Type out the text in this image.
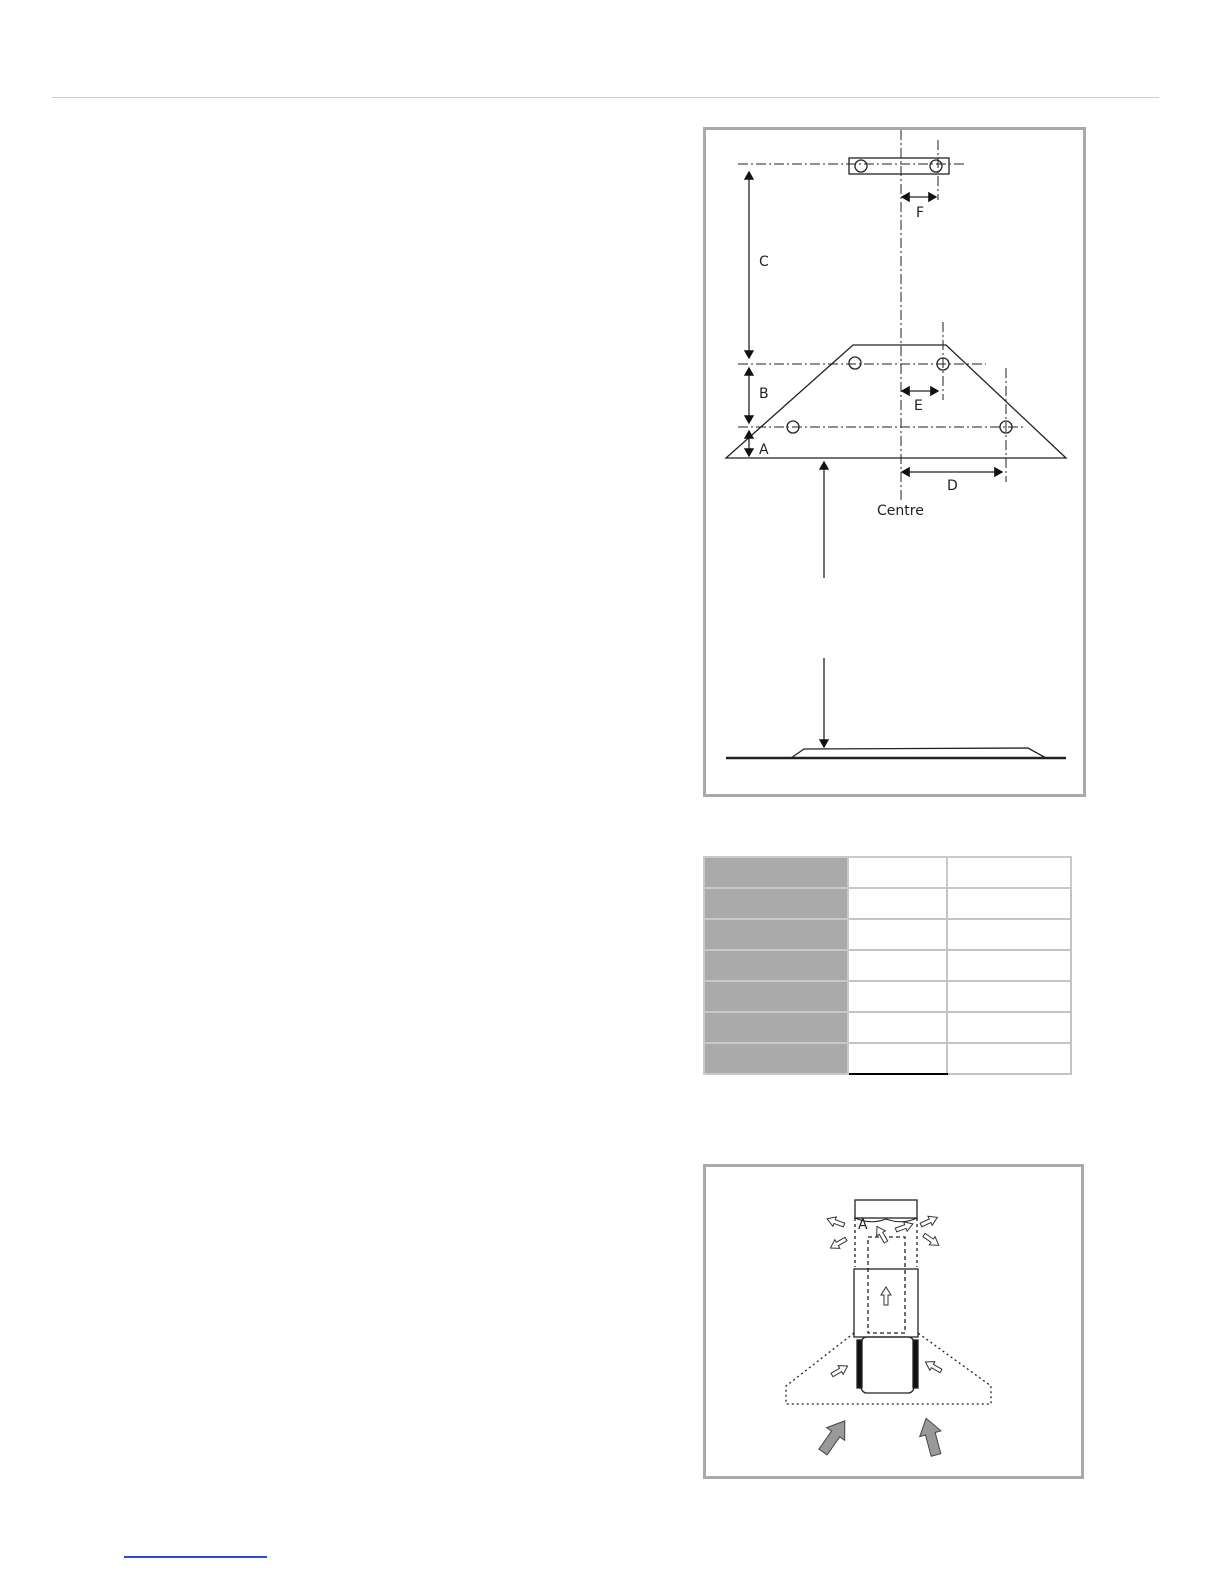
C
B
A
F
E
D
Centre

A
